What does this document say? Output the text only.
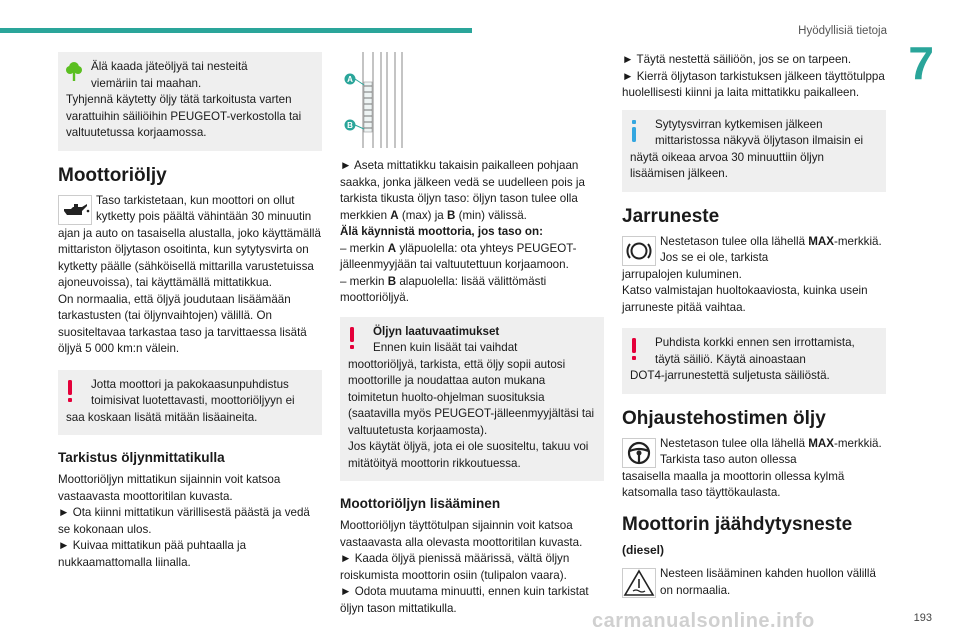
Hyödyllisiä tietoja
7
Älä kaada jäteöljyä tai nesteitä
viemäriin tai maahan.
Tyhjennä käytetty öljy tätä tarkoitusta varten varattuihin säiliöihin PEUGEOT-verkostolla tai valtuutetussa korjaamossa.
Moottoriöljy
Taso tarkistetaan, kun moottori on ollut kytketty pois päältä vähintään 30 minuutin
ajan ja auto on tasaisella alustalla, joko käyttämällä mittariston öljytason osoitinta, kun sytytysvirta on kytketty päälle (sähköisellä mittarilla varustetuissa ajoneuvoissa), tai käyttämällä mittatikkua.

On normaalia, että öljyä joudutaan lisäämään tarkastusten (tai öljynvaihtojen) välillä. On suositeltavaa tarkastaa taso ja tarvittaessa lisätä öljyä 5 000 km:n välein.

Jotta moottori ja pakokaasunpuhdistus
toimisivat luotettavasti, moottoriöljyyn ei
saa koskaan lisätä mitään lisäaineita.
Tarkistus öljynmittatikulla

Moottoriöljyn mittatikun sijainnin voit katsoa vastaavasta moottoritilan kuvasta.

► Ota kiinni mittatikun värillisestä päästä ja vedä se kokonaan ulos.

► Kuivaa mittatikun pää puhtaalla ja nukkaamattomalla liinalla.

A
B

► Aseta mittatikku takaisin paikalleen pohjaan saakka, jonka jälkeen vedä se uudelleen pois ja tarkista tikusta öljyn taso: öljyn tason tulee olla merkkien A (max) ja B (min) välissä.

Älä käynnistä moottoria, jos taso on:

– merkin A yläpuolella: ota yhteys PEUGEOT-jälleenmyyjään tai valtuutettuun korjaamoon.

– merkin B alapuolella: lisää välittömästi moottoriöljyä.

Öljyn laatuvaatimukset
Ennen kuin lisäät tai vaihdat
moottoriöljyä, tarkista, että öljy sopii autosi moottorille ja noudattaa auton mukana toimitetun huolto-ohjelman suosituksia (saatavilla myös PEUGEOT-jälleenmyyjältäsi tai valtuutetusta korjaamosta).
Jos käytät öljyä, jota ei ole suositeltu, takuu voi mitätöityä moottorin rikkoutuessa.
Moottoriöljyn lisääminen

Moottoriöljyn täyttötulpan sijainnin voit katsoa vastaavasta alla olevasta moottoritilan kuvasta.

► Kaada öljyä pienissä määrissä, vältä öljyn roiskumista moottorin osiin (tulipalon vaara).

► Odota muutama minuutti, ennen kuin tarkistat öljyn tason mittatikulla.

► Täytä nestettä säiliöön, jos se on tarpeen.

► Kierrä öljytason tarkistuksen jälkeen täyttötulppa huolellisesti kiinni ja laita mittatikku paikalleen.

Sytytysvirran kytkemisen jälkeen
mittaristossa näkyvä öljytason ilmaisin ei
näytä oikeaa arvoa 30 minuuttiin öljyn lisäämisen jälkeen.
Jarruneste
Nestetason tulee olla lähellä MAX-merkkiä. Jos se ei ole, tarkista
jarrupalojen kuluminen.

Katso valmistajan huoltokaaviosta, kuinka usein jarruneste pitää vaihtaa.

Puhdista korkki ennen sen irrottamista,
täytä säiliö. Käytä ainoastaan
DOT4-jarrunestettä suljetusta säiliöstä.
Ohjaustehostimen öljy
Nestetason tulee olla lähellä MAX-merkkiä. Tarkista taso auton ollessa
tasaisella maalla ja moottorin ollessa kylmä katsomalla taso täyttökaulasta.
Moottorin jäähdytysneste
(diesel)
Nesteen lisääminen kahden huollon välillä on normaalia.
carmanualsonline.info	193
